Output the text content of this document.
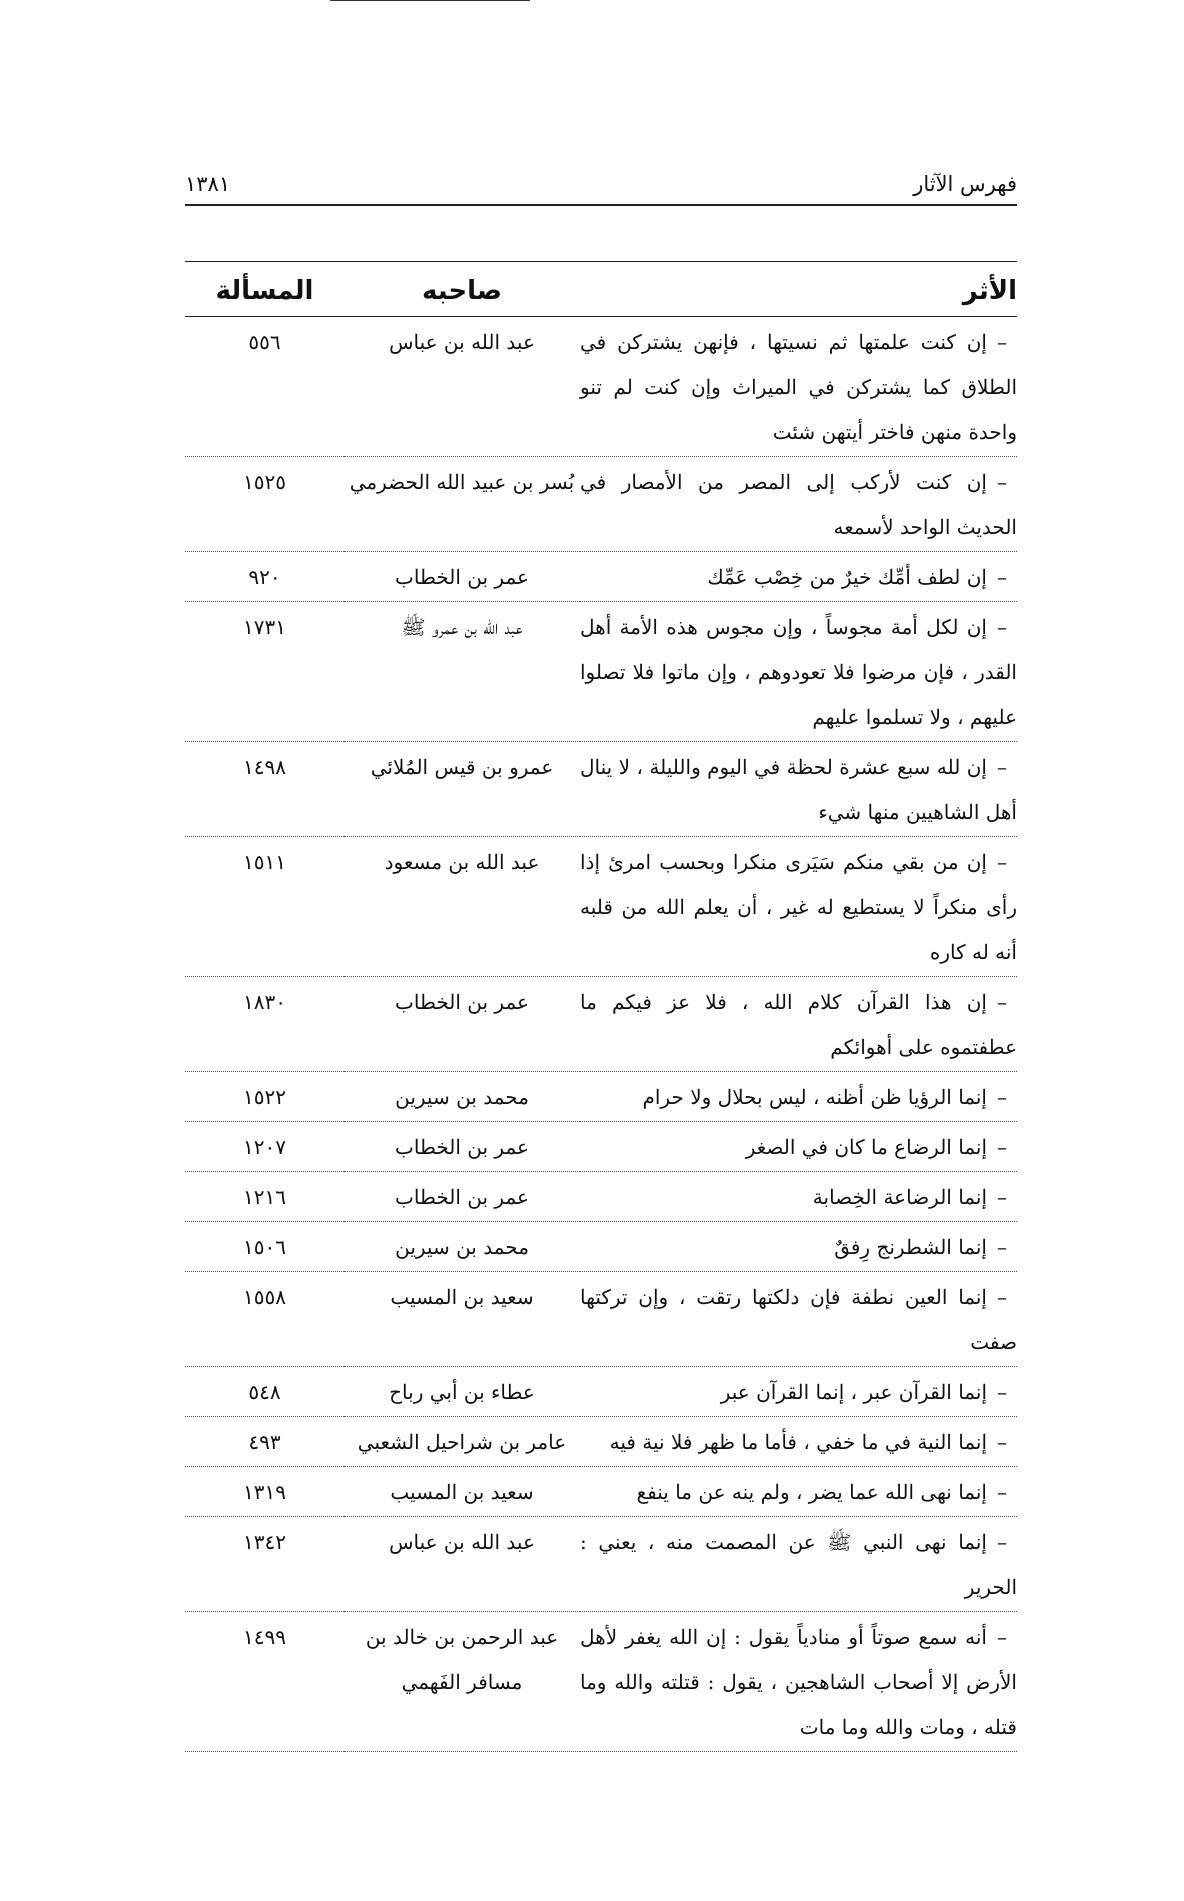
فهرس الآثار
١٣٨١
الأثر	صاحبه	المسألة
–إن كنت علمتها ثم نسيتها ، فإنهن يشتركن في الطلاق كما يشتركن في الميراث وإن كنت لم تنو واحدة منهن فاختر أيتهن شئت	عبد الله بن عباس	٥٥٦
–إن كنت لأركب إلى المصر من الأمصار في الحديث الواحد لأسمعه	بُسر بن عبيد الله الحضرمي	١٥٢٥
–إن لطف أمِّك خيرٌ من خِصْب عَمِّك	عمر بن الخطاب	٩٢٠
–إن لكل أمة مجوساً ، وإن مجوس هذه الأمة أهل القدر ، فإن مرضوا فلا تعودوهم ، وإن ماتوا فلا تصلوا عليهم ، ولا تسلموا عليهم	عبد الله بن عمرو ﷺ	١٧٣١
–إن لله سبع عشرة لحظة في اليوم والليلة ، لا ينال أهل الشاهيين منها شيء	عمرو بن قيس المُلائي	١٤٩٨
–إن من بقي منكم سَيَرى منكرا وبحسب امرئ إذا رأى منكراً لا يستطيع له غير ، أن يعلم الله من قلبه أنه له كاره	عبد الله بن مسعود	١٥١١
–إن هذا القرآن كلام الله ، فلا عز فيكم ما عطفتموه على أهوائكم	عمر بن الخطاب	١٨٣٠
–إنما الرؤيا ظن أظنه ، ليس بحلال ولا حرام	محمد بن سيرين	١٥٢٢
–إنما الرضاع ما كان في الصغر	عمر بن الخطاب	١٢٠٧
–إنما الرضاعة الخِصابة	عمر بن الخطاب	١٢١٦
–إنما الشطرنج رِفقٌ	محمد بن سيرين	١٥٠٦
–إنما العين نطفة فإن دلكتها رتقت ، وإن تركتها صفت	سعيد بن المسيب	١٥٥٨
–إنما القرآن عبر ، إنما القرآن عبر	عطاء بن أبي رباح	٥٤٨
–إنما النية في ما خفي ، فأما ما ظهر فلا نية فيه	عامر بن شراحيل الشعبي	٤٩٣
–إنما نهى الله عما يضر ، ولم ينه عن ما ينفع	سعيد بن المسيب	١٣١٩
–إنما نهى النبي ﷺ عن المصمت منه ، يعني : الحرير	عبد الله بن عباس	١٣٤٢
–أنه سمع صوتاً أو منادياً يقول : إن الله يغفر لأهل الأرض إلا أصحاب الشاهجين ، يقول : قتلته والله وما قتله ، ومات والله وما مات	عبد الرحمن بن خالد بن مسافر الفَهمي	١٤٩٩
